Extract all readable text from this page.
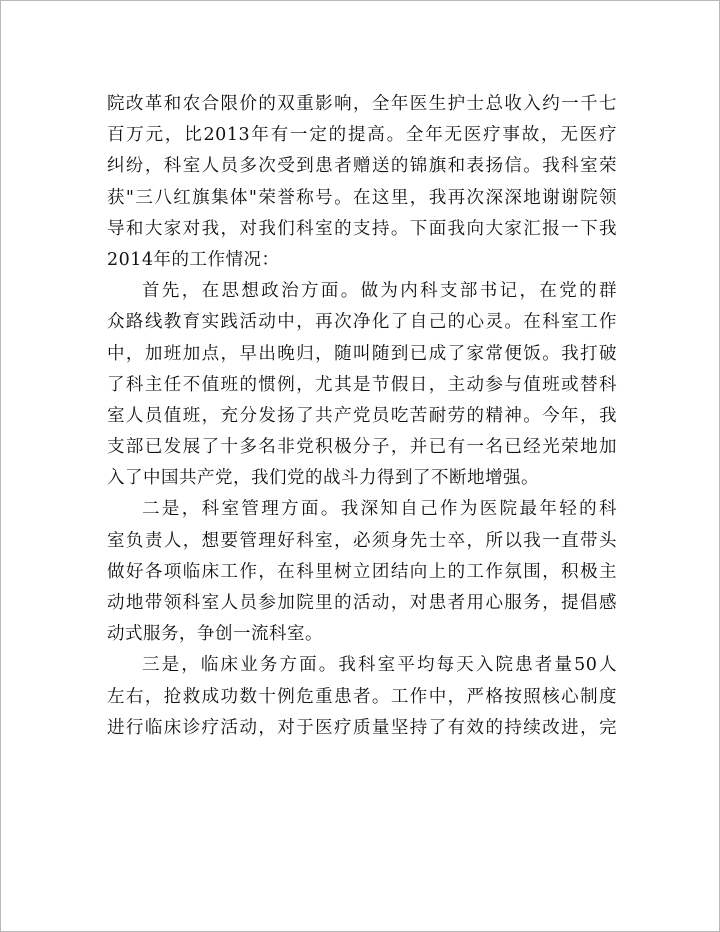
院改革和农合限价的双重影响，全年医生护士总收入约一千七
百万元，比2013年有一定的提高。全年无医疗事故，无医疗
纠纷，科室人员多次受到患者赠送的锦旗和表扬信。我科室荣
获"三八红旗集体"荣誉称号。在这里，我再次深深地谢谢院领
导和大家对我，对我们科室的支持。下面我向大家汇报一下我
2014年的工作情况：
首先，在思想政治方面。做为内科支部书记，在党的群
众路线教育实践活动中，再次净化了自己的心灵。在科室工作
中，加班加点，早出晚归，随叫随到已成了家常便饭。我打破
了科主任不值班的惯例，尤其是节假日，主动参与值班或替科
室人员值班，充分发扬了共产党员吃苦耐劳的精神。今年，我
支部已发展了十多名非党积极分子，并已有一名已经光荣地加
入了中国共产党，我们党的战斗力得到了不断地增强。
二是，科室管理方面。我深知自己作为医院最年轻的科
室负责人，想要管理好科室，必须身先士卒，所以我一直带头
做好各项临床工作，在科里树立团结向上的工作氛围，积极主
动地带领科室人员参加院里的活动，对患者用心服务，提倡感
动式服务，争创一流科室。
三是，临床业务方面。我科室平均每天入院患者量50人
左右，抢救成功数十例危重患者。工作中，严格按照核心制度
进行临床诊疗活动，对于医疗质量坚持了有效的持续改进，完
